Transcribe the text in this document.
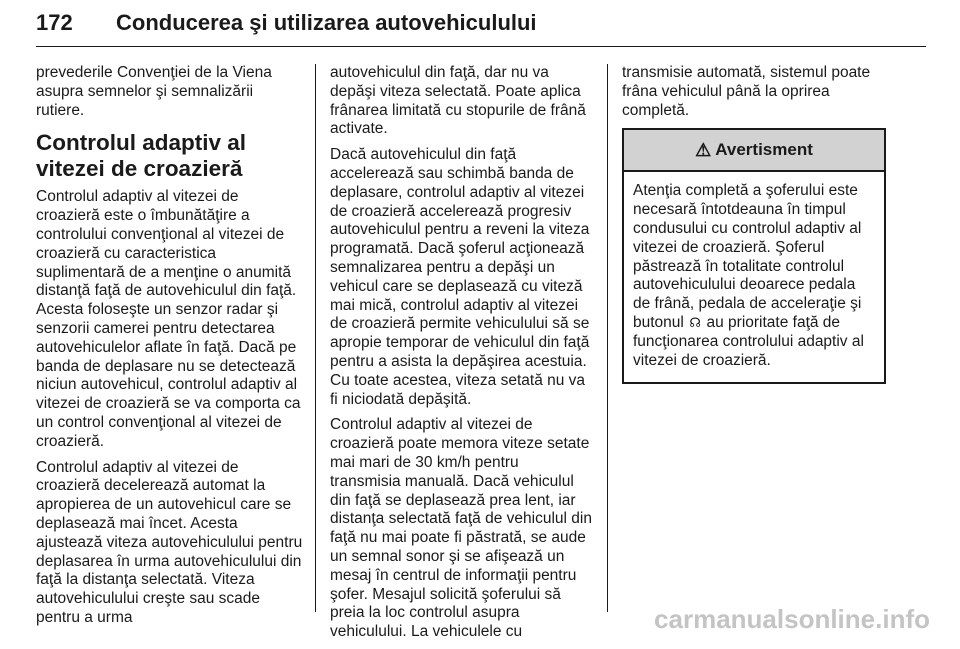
172 Conducerea şi utilizarea autovehiculului

prevederile Convenţiei de la Viena asupra semnelor şi semnalizării rutiere.

Controlul adaptiv al vitezei de croazieră

Controlul adaptiv al vitezei de croazieră este o îmbunătăţire a controlului convenţional al vitezei de croazieră cu caracteristica suplimentară de a menţine o anumită distanţă faţă de autovehiculul din faţă. Acesta foloseşte un senzor radar şi senzorii camerei pentru detectarea autovehiculelor aflate în faţă. Dacă pe banda de deplasare nu se detectează niciun autovehicul, controlul adaptiv al vitezei de croazieră se va comporta ca un control convenţional al vitezei de croazieră.

Controlul adaptiv al vitezei de croazieră decelerează automat la apropierea de un autovehicul care se deplasează mai încet. Acesta ajustează viteza autovehiculului pentru deplasarea în urma autovehiculului din faţă la distanţa selectată. Viteza autovehiculului creşte sau scade pentru a urma

autovehiculul din faţă, dar nu va depăşi viteza selectată. Poate aplica frânarea limitată cu stopurile de frână activate.

Dacă autovehiculul din faţă accelerează sau schimbă banda de deplasare, controlul adaptiv al vitezei de croazieră accelerează progresiv autovehiculul pentru a reveni la viteza programată. Dacă şoferul acţionează semnalizarea pentru a depăşi un vehicul care se deplasează cu viteză mai mică, controlul adaptiv al vitezei de croazieră permite vehiculului să se apropie temporar de vehiculul din faţă pentru a asista la depăşirea acestuia. Cu toate acestea, viteza setată nu va fi niciodată depăşită.

Controlul adaptiv al vitezei de croazieră poate memora viteze setate mai mari de 30 km/h pentru transmisia manuală. Dacă vehiculul din faţă se deplasează prea lent, iar distanţa selectată faţă de vehiculul din faţă nu mai poate fi păstrată, se aude un semnal sonor şi se afişează un mesaj în centrul de informaţii pentru şofer. Mesajul solicită şoferului să preia la loc controlul asupra vehiculului. La vehiculele cu

transmisie automată, sistemul poate frâna vehiculul până la oprirea completă.

⚠ Avertisment
Atenţia completă a şoferului este necesară întotdeauna în timpul condusului cu controlul adaptiv al vitezei de croazieră. Şoferul păstrează în totalitate controlul autovehiculului deoarece pedala de frână, pedala de acceleraţie şi butonul ☊ au prioritate faţă de funcţionarea controlului adaptiv al vitezei de croazieră.
carmanualsonline.info
